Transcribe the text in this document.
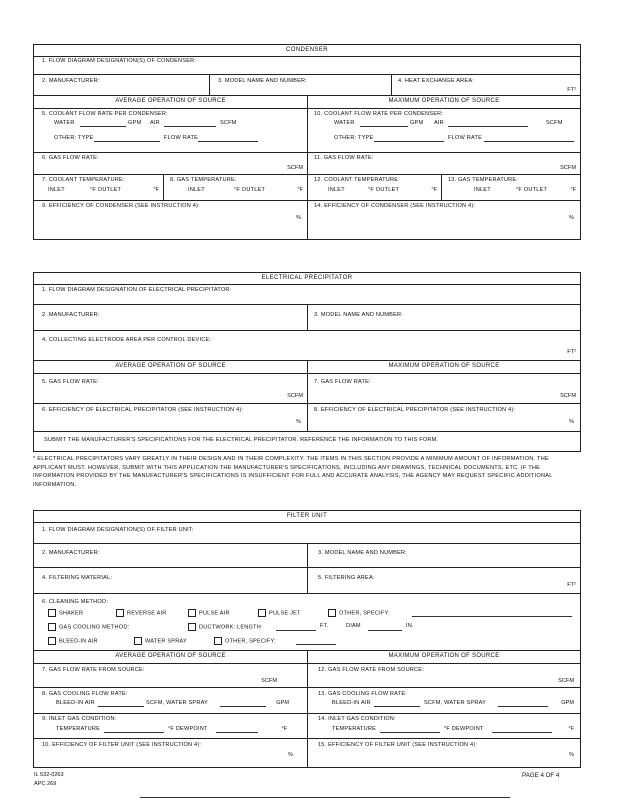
CONDENSER
1. FLOW DIAGRAM DESIGNATION(S) OF CONDENSER:
2. MANUFACTURER:	3. MODEL NAME AND NUMBER:	4. HEAT EXCHANGE AREA:
FT²
AVERAGE OPERATION OF SOURCE	MAXIMUM OPERATION OF SOURCE
5. COOLANT FLOW RATE PER CONDENSER:
WATER	GPM AIR	SCFM
OTHER: TYPE	FLOW RATE
10. COOLANT FLOW RATE PER CONDENSER:
WATER	GPM AIR	SCFM
OTHER: TYPE	FLOW RATE
6. GAS FLOW RATE:
SCFM
11. GAS FLOW RATE:
SCFM
7. COOLANT TEMPERATURE:
INLET	°F OUTLET	°F
8. GAS TEMPERATURE:
INLET	°F OUTLET	°F
12. COOLANT TEMPERATURE:
INLET	°F OUTLET	°F
13. GAS TEMPERATURE:
INLET	°F OUTLET	°F
9. EFFICIENCY OF CONDENSER (SEE INSTRUCTION 4):
%
14. EFFICIENCY OF CONDENSER (SEE INSTRUCTION 4):
%
ELECTRICAL PRECIPITATOR
1. FLOW DIAGRAM DESIGNATION OF ELECTRICAL PRECIPITATOR:
2. MANUFACTURER:	3. MODEL NAME AND NUMBER:
4. COLLECTING ELECTRODE AREA PER CONTROL DEVICE:
FT²
AVERAGE OPERATION OF SOURCE	MAXIMUM OPERATION OF SOURCE
5. GAS FLOW RATE:
SCFM
7. GAS FLOW RATE:
SCFM
6. EFFICIENCY OF ELECTRICAL PRECIPITATOR (SEE INSTRUCTION 4):
%
8. EFFICIENCY OF ELECTRICAL PRECIPITATOR (SEE INSTRUCTION 4):
%
SUBMIT THE MANUFACTURER'S SPECIFICATIONS FOR THE ELECTRICAL PRECIPITATOR. REFERENCE THE INFORMATION TO THIS FORM.
* ELECTRICAL PRECIPITATORS VARY GREATLY IN THEIR DESIGN AND IN THEIR COMPLEXITY. THE ITEMS IN THIS SECTION PROVIDE A MINIMUM AMOUNT OF INFORMATION. THE APPLICANT MUST, HOWEVER, SUBMIT WITH THIS APPLICATION THE MANUFACTURER'S SPECIFICATIONS, INCLUDING ANY DRAWINGS, TECHNICAL DOCUMENTS, ETC. IF THE INFORMATION PROVIDED BY THE MANUFACTURER'S SPECIFICATIONS IS INSUFFICIENT FOR FULL AND ACCURATE ANALYSIS, THE AGENCY MAY REQUEST SPECIFIC ADDITIONAL INFORMATION.
FILTER UNIT
1. FLOW DIAGRAM DESIGNATION(S) OF FILTER UNIT:
2. MANUFACTURER:	3. MODEL NAME AND NUMBER:
4. FILTERING MATERIAL:	5. FILTERING AREA:
FT²
6. CLEANING METHOD:
SHAKER	REVERSE AIR	PULSE AIR	PULSE JET	OTHER, SPECIFY:
GAS COOLING METHOD:	DUCTWORK: LENGTH	FT.	DIAM	IN.
BLEED-IN AIR	WATER SPRAY	OTHER, SPECIFY:
AVERAGE OPERATION OF SOURCE	MAXIMUM OPERATION OF SOURCE
7. GAS FLOW RATE FROM SOURCE:
SCFM
12. GAS FLOW RATE FROM SOURCE:
SCFM
8. GAS COOLING FLOW RATE:
BLEED-IN AIR	SCFM, WATER SPRAY	GPM
13. GAS COOLING FLOW RATE:
BLEED-IN AIR	SCFM, WATER SPRAY	GPM
9. INLET GAS CONDITION:
TEMPERATURE	°F DEWPOINT	°F
14. INLET GAS CONDITION:
TEMPERATURE	°F DEWPOINT	°F
10. EFFICIENCY OF FILTER UNIT (SEE INSTRUCTION 4):
%
15. EFFICIENCY OF FILTER UNIT (SEE INSTRUCTION 4):
%
IL 532-0263
APC 269
PAGE 4 OF 4
